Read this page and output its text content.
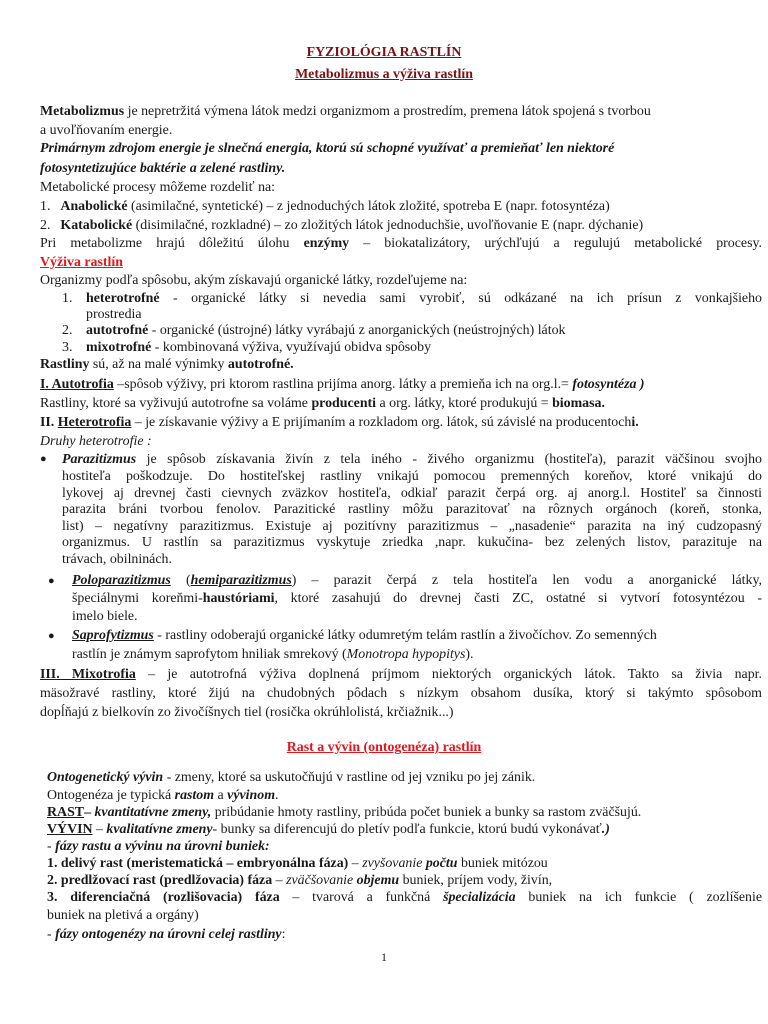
FYZIOLÓGIA RASTLÍN
Metabolizmus a výživa rastlín
Metabolizmus je nepretržitá výmena látok medzi organizmom a prostredím, premena látok spojená s tvorbou
a uvoľňovaním energie.
Primárnym zdrojom energie je slnečná energia, ktorú sú schopné využívať a premieňať len niektoré
fotosyntetizujúce baktérie a zelené rastliny.
Metabolické procesy môžeme rozdeliť na:
1. Anabolické (asimilačné, syntetické) – z jednoduchých látok zložité, spotreba E (napr. fotosyntéza)
2. Katabolické (disimilačné, rozkladné) – zo zložitých látok jednoduchšie, uvoľňovanie E (napr. dýchanie)
Pri metabolizme hrajú dôležitú úlohu enzýmy – biokatalizátory, urýchľujú a regulujú metabolické procesy.
Výživa rastlín
Organizmy podľa spôsobu, akým získavajú organické látky, rozdeľujeme na:
1. heterotrofné - organické látky si nevedia sami vyrobiť, sú odkázané na ich prísun z vonkajšieho
prostredia
2. autotrofné - organické (ústrojné) látky vyrábajú z anorganických (neústrojných) látok
3. mixotrofné - kombinovaná výživa, využívajú obidva spôsoby
Rastliny sú, až na malé výnimky autotrofné.
I. Autotrofia –spôsob výživy, pri ktorom rastlina prijíma anorg. látky a premieňa ich na org.l.= fotosyntéza )
Rastliny, ktoré sa vyživujú autotrofne sa voláme producenti a org. látky, ktoré produkujú = biomasa.
II. Heterotrofia – je získavanie výživy a E prijímaním a rozkladom org. látok, sú závislé na producentochi.
Druhy heterotrofie :
● Parazitizmus je spôsob získavania živín z tela iného - živého organizmu (hostiteľa), parazit väčšinou svojho
hostiteľa poškodzuje. Do hostiteľskej rastliny vnikajú pomocou premenných koreňov, ktoré vnikajú do
lykovej aj drevnej časti cievnych zväzkov hostiteľa, odkiaľ parazit čerpá org. aj anorg.l. Hostiteľ sa činnosti
parazita bráni tvorbou fenolov. Parazitické rastliny môžu parazitovať na rôznych orgánoch (koreň, stonka,
list) – negatívny parazitizmus. Existuje aj pozitívny parazitizmus – „nasadenie“ parazita na iný cudzopasný
organizmus. U rastlín sa parazitizmus vyskytuje zriedka ,napr. kukučina- bez zelených listov, parazituje na
trávach, obilninách.
● Poloparazitizmus (hemiparazitizmus) – parazit čerpá z tela hostiteľa len vodu a anorganické látky,
špeciálnymi koreňmi-haustóriami, ktoré zasahujú do drevnej časti ZC, ostatné si vytvorí fotosyntézou -
imelo biele.
● Saprofytizmus - rastliny odoberajú organické látky odumretým telám rastlín a živočíchov. Zo semenných
rastlín je známym saprofytom hniliak smrekový (Monotropa hypopitys).
III. Mixotrofia – je autotrofná výživa doplnená príjmom niektorých organických látok. Takto sa živia napr.
mäsožravé rastliny, ktoré žijú na chudobných pôdach s nízkym obsahom dusíka, ktorý si takýmto spôsobom
dopĺňajú z bielkovín zo živočíšnych tiel (rosička okrúhlolistá, krčiažnik...)
Rast a vývin (ontogenéza) rastlín
Ontogenetický vývin - zmeny, ktoré sa uskutočňujú v rastline od jej vzniku po jej zánik.
Ontogenéza je typická rastom a vývinom.
RAST– kvantitatívne zmeny, pribúdanie hmoty rastliny, pribúda počet buniek a bunky sa rastom zväčšujú.
VÝVIN – kvalitatívne zmeny- bunky sa diferencujú do pletív podľa funkcie, ktorú budú vykonávať.)
- fázy rastu a vývinu na úrovni buniek:
1. delivý rast (meristematická – embryonálna fáza) – zvyšovanie počtu buniek mitózou
2. predlžovací rast (predlžovacia) fáza – zväčšovanie objemu buniek, príjem vody, živín,
3. diferenciačná (rozlišovacia) fáza – tvarová a funkčná špecializácia buniek na ich funkcie ( zozlíšenie
buniek na pletivá a orgány)
- fázy ontogenézy na úrovni celej rastliny:
1
